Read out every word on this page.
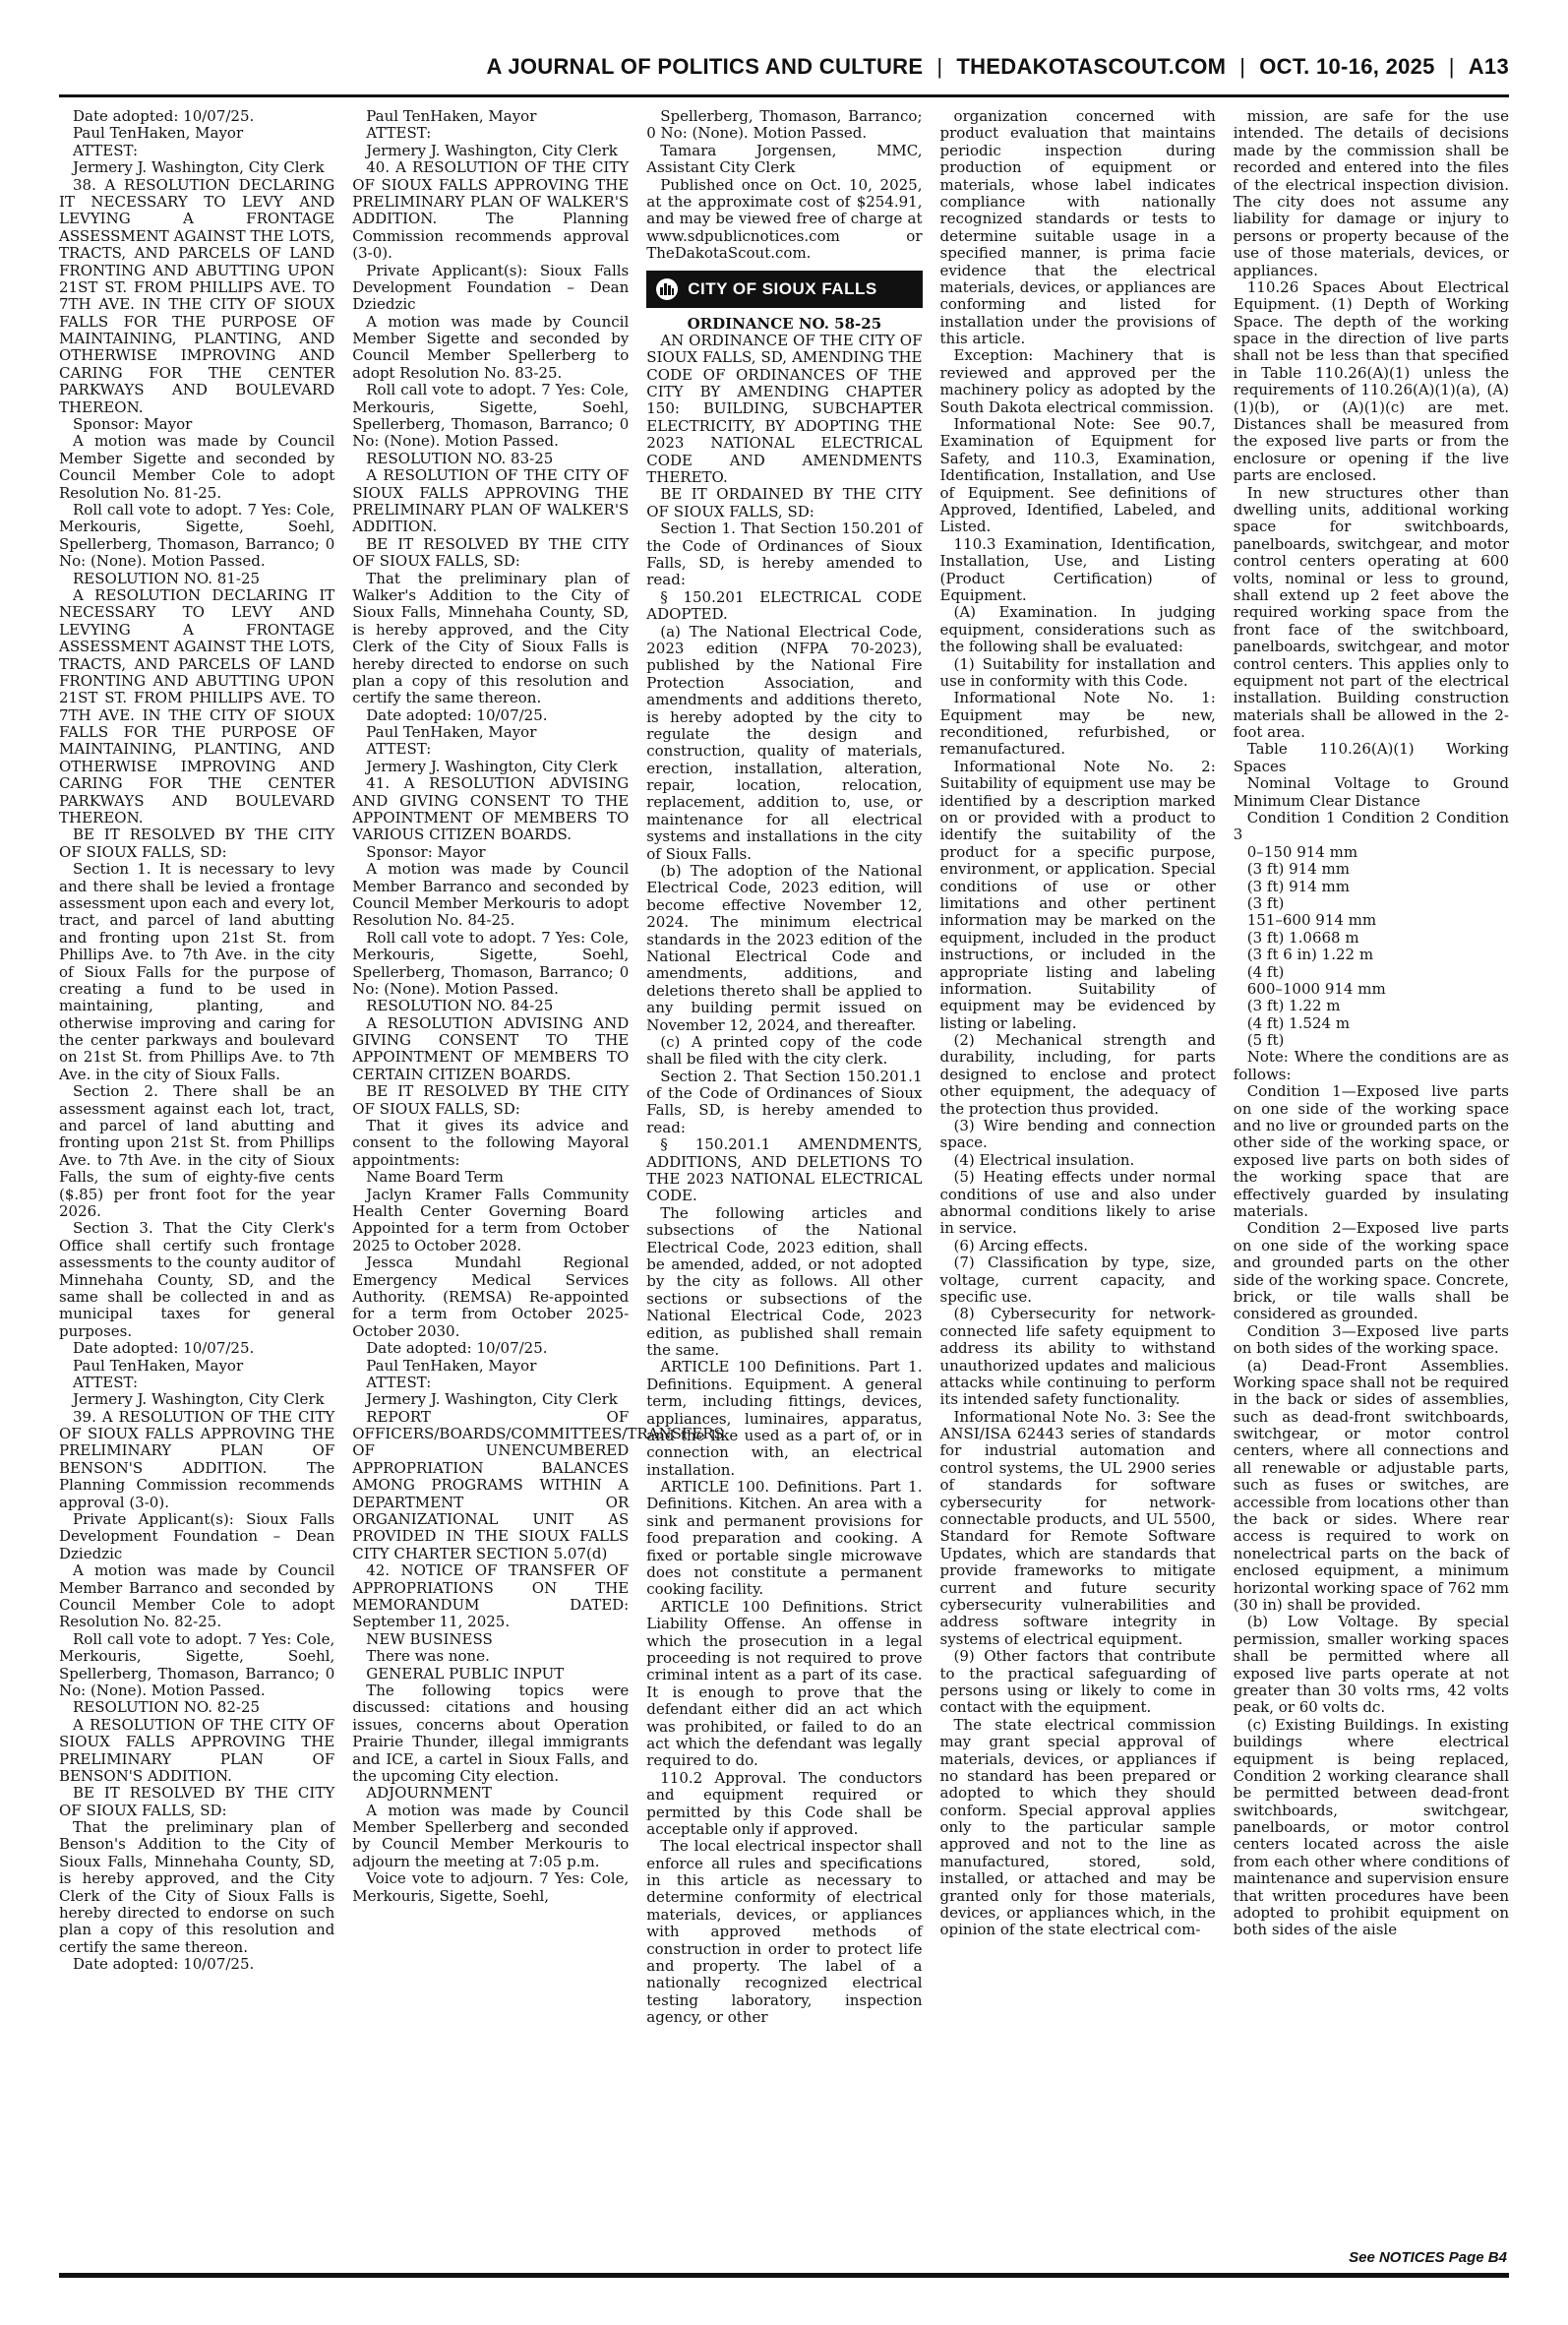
A JOURNAL OF POLITICS AND CULTURE | THEDAKOTASCOUT.COM | OCT. 10-16, 2025 | A13

Date adopted: 10/07/25.

Paul TenHaken, Mayor

ATTEST:

Jermery J. Washington, City Clerk

38. A RESOLUTION DECLARING IT NECESSARY TO LEVY AND LEVYING A FRONTAGE ASSESSMENT AGAINST THE LOTS, TRACTS, AND PARCELS OF LAND FRONTING AND ABUTTING UPON 21ST ST. FROM PHILLIPS AVE. TO 7TH AVE. IN THE CITY OF SIOUX FALLS FOR THE PURPOSE OF MAINTAINING, PLANTING, AND OTHERWISE IMPROVING AND CARING FOR THE CENTER PARKWAYS AND BOULEVARD THEREON.

Sponsor: Mayor

A motion was made by Council Member Sigette and seconded by Council Member Cole to adopt Resolution No. 81-25.

Roll call vote to adopt. 7 Yes: Cole, Merkouris, Sigette, Soehl, Spellerberg, Thomason, Barranco; 0 No: (None). Motion Passed.

RESOLUTION NO. 81-25

A RESOLUTION DECLARING IT NECESSARY TO LEVY AND LEVYING A FRONTAGE ASSESSMENT AGAINST THE LOTS, TRACTS, AND PARCELS OF LAND FRONTING AND ABUTTING UPON 21ST ST. FROM PHILLIPS AVE. TO 7TH AVE. IN THE CITY OF SIOUX FALLS FOR THE PURPOSE OF MAINTAINING, PLANTING, AND OTHERWISE IMPROVING AND CARING FOR THE CENTER PARKWAYS AND BOULEVARD THEREON.

BE IT RESOLVED BY THE CITY OF SIOUX FALLS, SD:

Section 1. It is necessary to levy and there shall be levied a frontage assessment upon each and every lot, tract, and parcel of land abutting and fronting upon 21st St. from Phillips Ave. to 7th Ave. in the city of Sioux Falls for the purpose of creating a fund to be used in maintaining, planting, and otherwise improving and caring for the center parkways and boulevard on 21st St. from Phillips Ave. to 7th Ave. in the city of Sioux Falls.

Section 2. There shall be an assessment against each lot, tract, and parcel of land abutting and fronting upon 21st St. from Phillips Ave. to 7th Ave. in the city of Sioux Falls, the sum of eighty-five cents ($.85) per front foot for the year 2026.

Section 3. That the City Clerk's Office shall certify such frontage assessments to the county auditor of Minnehaha County, SD, and the same shall be collected in and as municipal taxes for general purposes.

Date adopted: 10/07/25.

Paul TenHaken, Mayor

ATTEST:

Jermery J. Washington, City Clerk

39. A RESOLUTION OF THE CITY OF SIOUX FALLS APPROVING THE PRELIMINARY PLAN OF BENSON'S ADDITION. The Planning Commission recommends approval (3-0).

Private Applicant(s): Sioux Falls Development Foundation – Dean Dziedzic

A motion was made by Council Member Barranco and seconded by Council Member Cole to adopt Resolution No. 82-25.

Roll call vote to adopt. 7 Yes: Cole, Merkouris, Sigette, Soehl, Spellerberg, Thomason, Barranco; 0 No: (None). Motion Passed.

RESOLUTION NO. 82-25

A RESOLUTION OF THE CITY OF SIOUX FALLS APPROVING THE PRELIMINARY PLAN OF BENSON'S ADDITION.

BE IT RESOLVED BY THE CITY OF SIOUX FALLS, SD:

That the preliminary plan of Benson's Addition to the City of Sioux Falls, Minnehaha County, SD, is hereby approved, and the City Clerk of the City of Sioux Falls is hereby directed to endorse on such plan a copy of this resolution and certify the same thereon.

Date adopted: 10/07/25.

Paul TenHaken, Mayor

ATTEST:

Jermery J. Washington, City Clerk

40. A RESOLUTION OF THE CITY OF SIOUX FALLS APPROVING THE PRELIMINARY PLAN OF WALKER'S ADDITION. The Planning Commission recommends approval (3-0).

Private Applicant(s): Sioux Falls Development Foundation – Dean Dziedzic

A motion was made by Council Member Sigette and seconded by Council Member Spellerberg to adopt Resolution No. 83-25.

Roll call vote to adopt. 7 Yes: Cole, Merkouris, Sigette, Soehl, Spellerberg, Thomason, Barranco; 0 No: (None). Motion Passed.

RESOLUTION NO. 83-25

A RESOLUTION OF THE CITY OF SIOUX FALLS APPROVING THE PRELIMINARY PLAN OF WALKER'S ADDITION.

BE IT RESOLVED BY THE CITY OF SIOUX FALLS, SD:

That the preliminary plan of Walker's Addition to the City of Sioux Falls, Minnehaha County, SD, is hereby approved, and the City Clerk of the City of Sioux Falls is hereby directed to endorse on such plan a copy of this resolution and certify the same thereon.

Date adopted: 10/07/25.

Paul TenHaken, Mayor

ATTEST:

Jermery J. Washington, City Clerk

41. A RESOLUTION ADVISING AND GIVING CONSENT TO THE APPOINTMENT OF MEMBERS TO VARIOUS CITIZEN BOARDS.

Sponsor: Mayor

A motion was made by Council Member Barranco and seconded by Council Member Merkouris to adopt Resolution No. 84-25.

Roll call vote to adopt. 7 Yes: Cole, Merkouris, Sigette, Soehl, Spellerberg, Thomason, Barranco; 0 No: (None). Motion Passed.

RESOLUTION NO. 84-25

A RESOLUTION ADVISING AND GIVING CONSENT TO THE APPOINTMENT OF MEMBERS TO CERTAIN CITIZEN BOARDS.

BE IT RESOLVED BY THE CITY OF SIOUX FALLS, SD:

That it gives its advice and consent to the following Mayoral appointments:

Name Board Term

Jaclyn Kramer Falls Community Health Center Governing Board Appointed for a term from October 2025 to October 2028.

Jessca Mundahl Regional Emergency Medical Services Authority. (REMSA) Re-appointed for a term from October 2025-October 2030.

Date adopted: 10/07/25.

Paul TenHaken, Mayor

ATTEST:

Jermery J. Washington, City Clerk

REPORT OF OFFICERS/BOARDS/COMMITTEES/TRANSFERS OF UNENCUMBERED APPROPRIATION BALANCES AMONG PROGRAMS WITHIN A DEPARTMENT OR ORGANIZATIONAL UNIT AS PROVIDED IN THE SIOUX FALLS CITY CHARTER SECTION 5.07(d)

42. NOTICE OF TRANSFER OF APPROPRIATIONS ON THE MEMORANDUM DATED: September 11, 2025.

NEW BUSINESS

There was none.

GENERAL PUBLIC INPUT

The following topics were discussed: citations and housing issues, concerns about Operation Prairie Thunder, illegal immigrants and ICE, a cartel in Sioux Falls, and the upcoming City election.

ADJOURNMENT

A motion was made by Council Member Spellerberg and seconded by Council Member Merkouris to adjourn the meeting at 7:05 p.m.

Voice vote to adjourn. 7 Yes: Cole, Merkouris, Sigette, Soehl,

Spellerberg, Thomason, Barranco; 0 No: (None). Motion Passed.

Tamara Jorgensen, MMC, Assistant City Clerk

Published once on Oct. 10, 2025, at the approximate cost of $254.91, and may be viewed free of charge at www.sdpublicnotices.com or TheDakotaScout.com.

CITY OF SIOUX FALLS

ORDINANCE NO. 58-25

AN ORDINANCE OF THE CITY OF SIOUX FALLS, SD, AMENDING THE CODE OF ORDINANCES OF THE CITY BY AMENDING CHAPTER 150: BUILDING, SUBCHAPTER ELECTRICITY, BY ADOPTING THE 2023 NATIONAL ELECTRICAL CODE AND AMENDMENTS THERETO.

BE IT ORDAINED BY THE CITY OF SIOUX FALLS, SD:

Section 1. That Section 150.201 of the Code of Ordinances of Sioux Falls, SD, is hereby amended to read:

§ 150.201 ELECTRICAL CODE ADOPTED.

(a) The National Electrical Code, 2023 edition (NFPA 70-2023), published by the National Fire Protection Association, and amendments and additions thereto, is hereby adopted by the city to regulate the design and construction, quality of materials, erection, installation, alteration, repair, location, relocation, replacement, addition to, use, or maintenance for all electrical systems and installations in the city of Sioux Falls.

(b) The adoption of the National Electrical Code, 2023 edition, will become effective November 12, 2024. The minimum electrical standards in the 2023 edition of the National Electrical Code and amendments, additions, and deletions thereto shall be applied to any building permit issued on November 12, 2024, and thereafter.

(c) A printed copy of the code shall be filed with the city clerk.

Section 2. That Section 150.201.1 of the Code of Ordinances of Sioux Falls, SD, is hereby amended to read:

§ 150.201.1 AMENDMENTS, ADDITIONS, AND DELETIONS TO THE 2023 NATIONAL ELECTRICAL CODE.

The following articles and subsections of the National Electrical Code, 2023 edition, shall be amended, added, or not adopted by the city as follows. All other sections or subsections of the National Electrical Code, 2023 edition, as published shall remain the same.

ARTICLE 100 Definitions. Part 1. Definitions. Equipment. A general term, including fittings, devices, appliances, luminaires, apparatus, and the like used as a part of, or in connection with, an electrical installation.

ARTICLE 100. Definitions. Part 1. Definitions. Kitchen. An area with a sink and permanent provisions for food preparation and cooking. A fixed or portable single microwave does not constitute a permanent cooking facility.

ARTICLE 100 Definitions. Strict Liability Offense. An offense in which the prosecution in a legal proceeding is not required to prove criminal intent as a part of its case. It is enough to prove that the defendant either did an act which was prohibited, or failed to do an act which the defendant was legally required to do.

110.2 Approval. The conductors and equipment required or permitted by this Code shall be acceptable only if approved.

The local electrical inspector shall enforce all rules and specifications in this article as necessary to determine conformity of electrical materials, devices, or appliances with approved methods of construction in order to protect life and property. The label of a nationally recognized electrical testing laboratory, inspection agency, or other

organization concerned with product evaluation that maintains periodic inspection during production of equipment or materials, whose label indicates compliance with nationally recognized standards or tests to determine suitable usage in a specified manner, is prima facie evidence that the electrical materials, devices, or appliances are conforming and listed for installation under the provisions of this article.

Exception: Machinery that is reviewed and approved per the machinery policy as adopted by the South Dakota electrical commission.

Informational Note: See 90.7, Examination of Equipment for Safety, and 110.3, Examination, Identification, Installation, and Use of Equipment. See definitions of Approved, Identified, Labeled, and Listed.

110.3 Examination, Identification, Installation, Use, and Listing (Product Certification) of Equipment.

(A) Examination. In judging equipment, considerations such as the following shall be evaluated:

(1) Suitability for installation and use in conformity with this Code.

Informational Note No. 1: Equipment may be new, reconditioned, refurbished, or remanufactured.

Informational Note No. 2: Suitability of equipment use may be identified by a description marked on or provided with a product to identify the suitability of the product for a specific purpose, environment, or application. Special conditions of use or other limitations and other pertinent information may be marked on the equipment, included in the product instructions, or included in the appropriate listing and labeling information. Suitability of equipment may be evidenced by listing or labeling.

(2) Mechanical strength and durability, including, for parts designed to enclose and protect other equipment, the adequacy of the protection thus provided.

(3) Wire bending and connection space.

(4) Electrical insulation.

(5) Heating effects under normal conditions of use and also under abnormal conditions likely to arise in service.

(6) Arcing effects.

(7) Classification by type, size, voltage, current capacity, and specific use.

(8) Cybersecurity for network-connected life safety equipment to address its ability to withstand unauthorized updates and malicious attacks while continuing to perform its intended safety functionality.

Informational Note No. 3: See the ANSI/ISA 62443 series of standards for industrial automation and control systems, the UL 2900 series of standards for software cybersecurity for network-connectable products, and UL 5500, Standard for Remote Software Updates, which are standards that provide frameworks to mitigate current and future security cybersecurity vulnerabilities and address software integrity in systems of electrical equipment.

(9) Other factors that contribute to the practical safeguarding of persons using or likely to come in contact with the equipment.

The state electrical commission may grant special approval of materials, devices, or appliances if no standard has been prepared or adopted to which they should conform. Special approval applies only to the particular sample approved and not to the line as manufactured, stored, sold, installed, or attached and may be granted only for those materials, devices, or appliances which, in the opinion of the state electrical com-

mission, are safe for the use intended. The details of decisions made by the commission shall be recorded and entered into the files of the electrical inspection division. The city does not assume any liability for damage or injury to persons or property because of the use of those materials, devices, or appliances.

110.26 Spaces About Electrical Equipment. (1) Depth of Working Space. The depth of the working space in the direction of live parts shall not be less than that specified in Table 110.26(A)(1) unless the requirements of 110.26(A)(1)(a), (A)(1)(b), or (A)(1)(c) are met. Distances shall be measured from the exposed live parts or from the enclosure or opening if the live parts are enclosed.

In new structures other than dwelling units, additional working space for switchboards, panelboards, switchgear, and motor control centers operating at 600 volts, nominal or less to ground, shall extend up 2 feet above the required working space from the front face of the switchboard, panelboards, switchgear, and motor control centers. This applies only to equipment not part of the electrical installation. Building construction materials shall be allowed in the 2-foot area.

Table 110.26(A)(1) Working Spaces

Nominal Voltage to Ground Minimum Clear Distance

Condition 1 Condition 2 Condition 3

0–150 914 mm

(3 ft) 914 mm

(3 ft) 914 mm

(3 ft)

151–600 914 mm

(3 ft) 1.0668 m

(3 ft 6 in) 1.22 m

(4 ft)

600–1000 914 mm

(3 ft) 1.22 m

(4 ft) 1.524 m

(5 ft)

Note: Where the conditions are as follows:

Condition 1—Exposed live parts on one side of the working space and no live or grounded parts on the other side of the working space, or exposed live parts on both sides of the working space that are effectively guarded by insulating materials.

Condition 2—Exposed live parts on one side of the working space and grounded parts on the other side of the working space. Concrete, brick, or tile walls shall be considered as grounded.

Condition 3—Exposed live parts on both sides of the working space.

(a) Dead-Front Assemblies. Working space shall not be required in the back or sides of assemblies, such as dead-front switchboards, switchgear, or motor control centers, where all connections and all renewable or adjustable parts, such as fuses or switches, are accessible from locations other than the back or sides. Where rear access is required to work on nonelectrical parts on the back of enclosed equipment, a minimum horizontal working space of 762 mm (30 in) shall be provided.

(b) Low Voltage. By special permission, smaller working spaces shall be permitted where all exposed live parts operate at not greater than 30 volts rms, 42 volts peak, or 60 volts dc.

(c) Existing Buildings. In existing buildings where electrical equipment is being replaced, Condition 2 working clearance shall be permitted between dead-front switchboards, switchgear, panelboards, or motor control centers located across the aisle from each other where conditions of maintenance and supervision ensure that written procedures have been adopted to prohibit equipment on both sides of the aisle

See NOTICES Page B4
